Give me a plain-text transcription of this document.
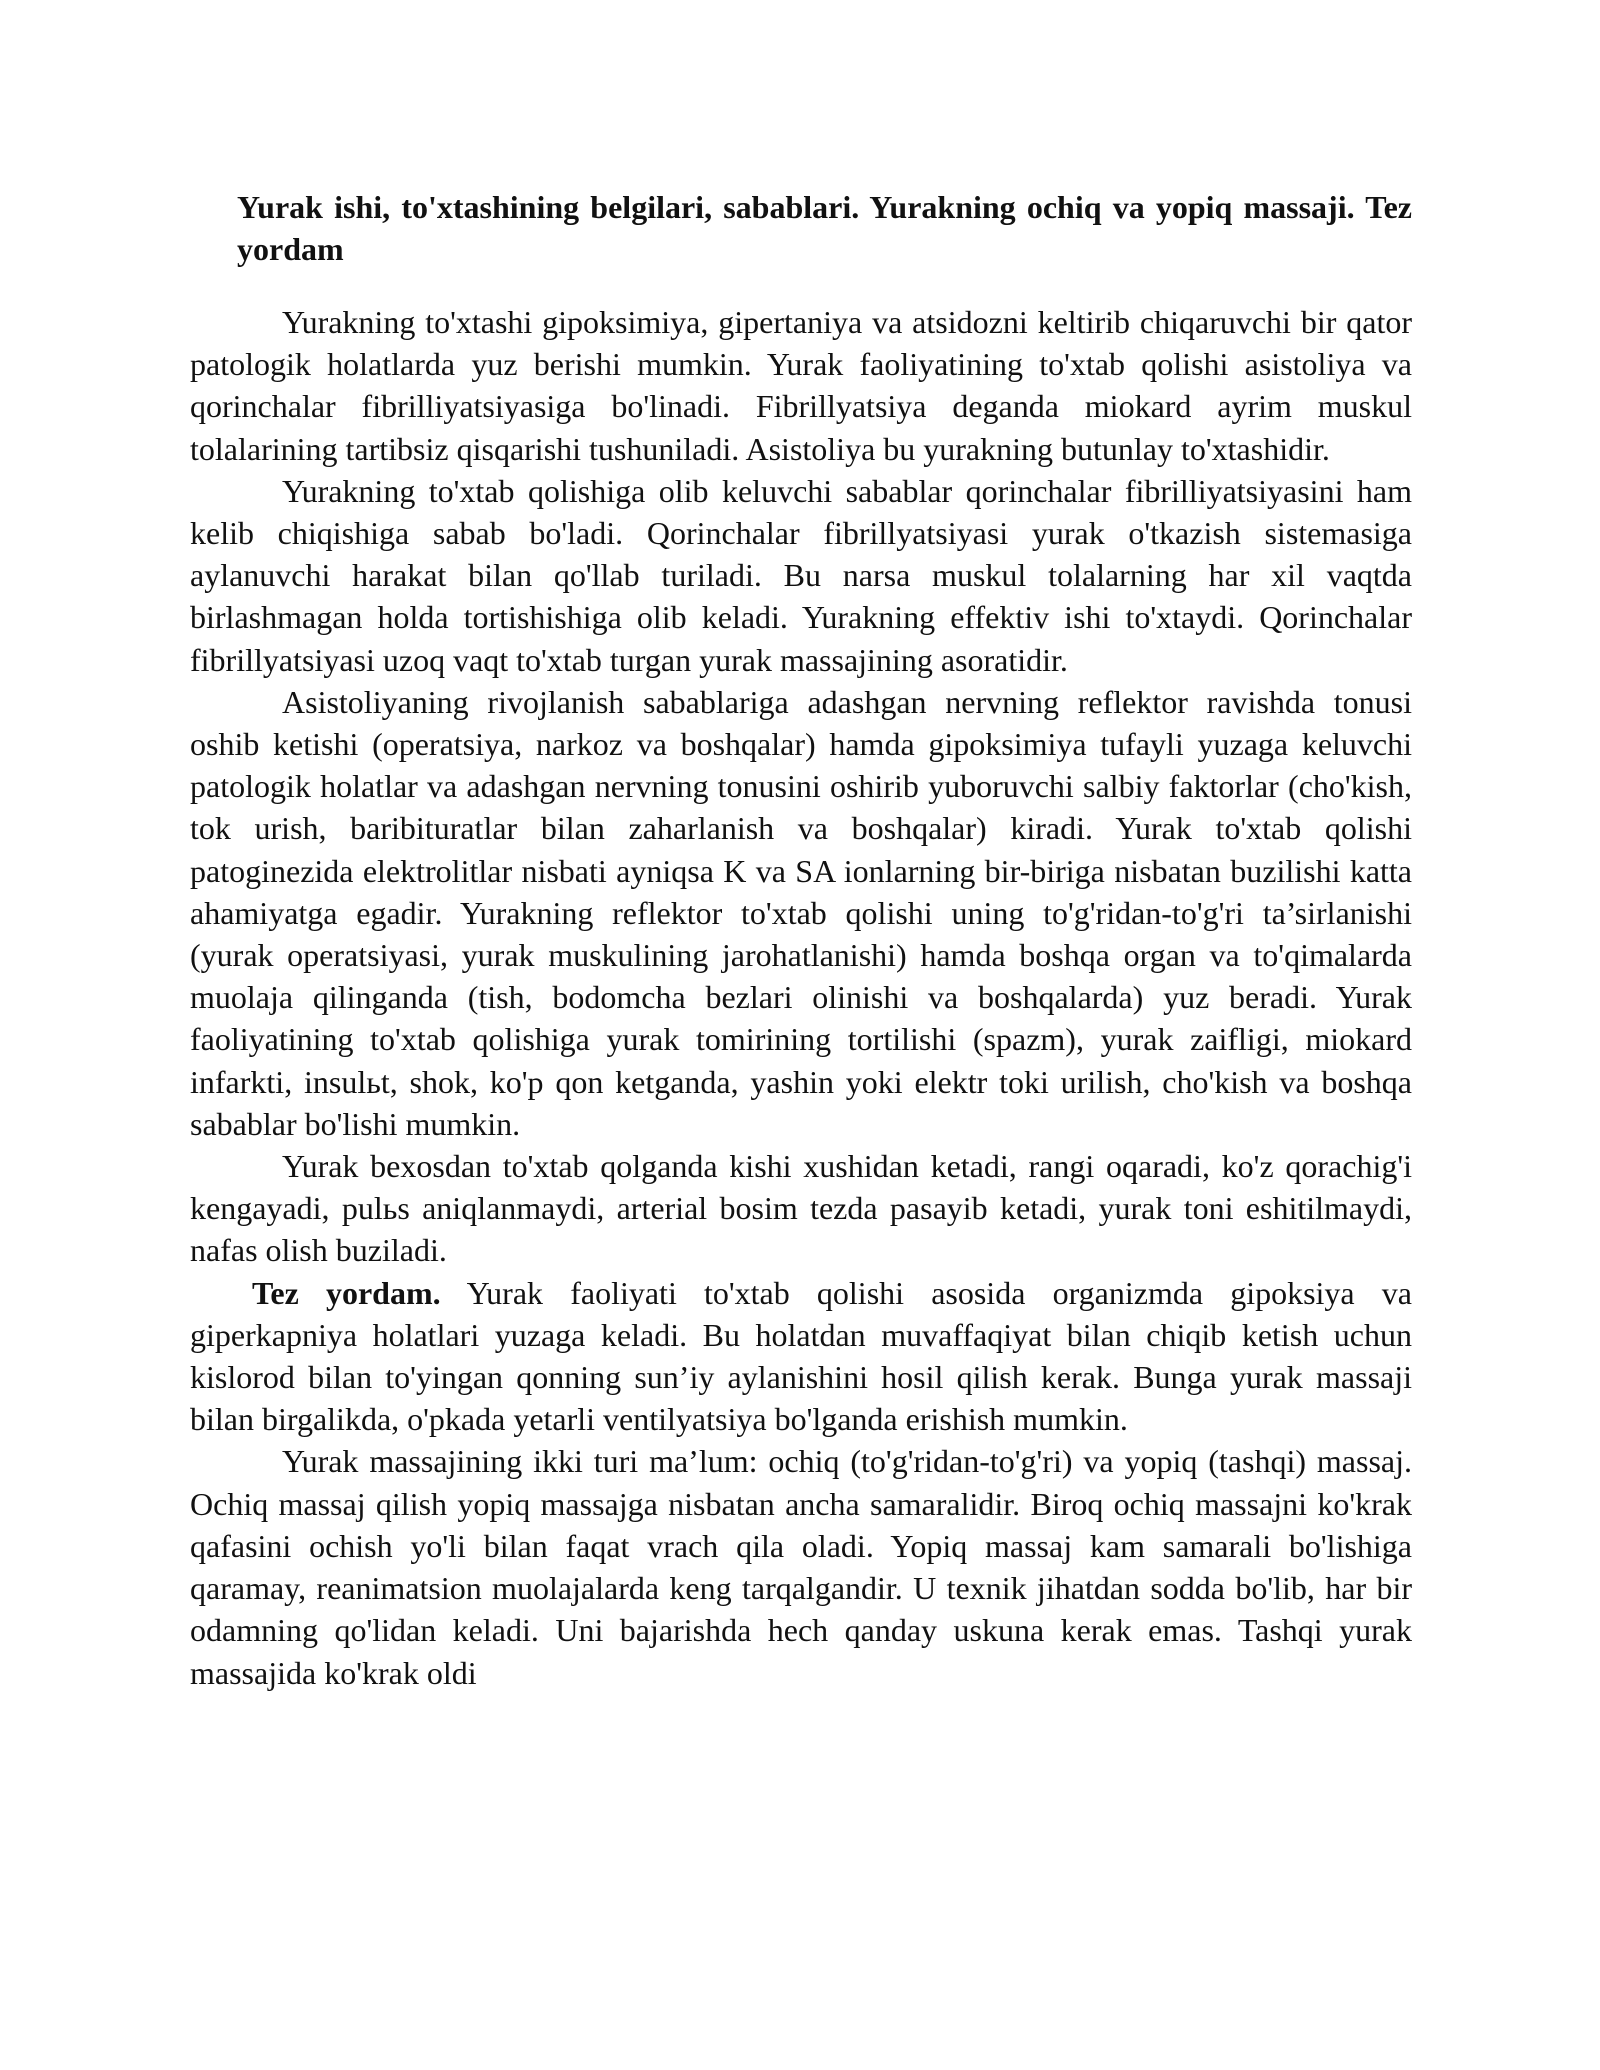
Yurak ishi, to'xtashining belgilari, sabablari. Yurakning ochiq va yopiq massaji. Tez yordam

Yurakning to'xtashi gipoksimiya, gipertaniya va atsidozni keltirib chiqaruvchi bir qator patologik holatlarda yuz berishi mumkin. Yurak faoliyatining to'xtab qolishi asistoliya va qorinchalar fibrilliyatsiyasiga bo'linadi. Fibrillyatsiya deganda miokard ayrim muskul tolalarining tartibsiz qisqarishi tushuniladi. Asistoliya bu yurakning butunlay to'xtashidir.

Yurakning to'xtab qolishiga olib keluvchi sabablar qorinchalar fibrilliyatsiyasini ham kelib chiqishiga sabab bo'ladi. Qorinchalar fibrillyatsiyasi yurak o'tkazish sistemasiga aylanuvchi harakat bilan qo'llab turiladi. Bu narsa muskul tolalarning har xil vaqtda birlashmagan holda tortishishiga olib keladi. Yurakning effektiv ishi to'xtaydi. Qorinchalar fibrillyatsiyasi uzoq vaqt to'xtab turgan yurak massajining asoratidir.

Asistoliyaning rivojlanish sabablariga adashgan nervning reflektor ravishda tonusi oshib ketishi (operatsiya, narkoz va boshqalar) hamda gipoksimiya tufayli yuzaga keluvchi patologik holatlar va adashgan nervning tonusini oshirib yuboruvchi salbiy faktorlar (cho'kish, tok urish, baribituratlar bilan zaharlanish va boshqalar) kiradi. Yurak to'xtab qolishi patoginezida elektrolitlar nisbati ayniqsa K va SA ionlarning bir-biriga nisbatan buzilishi katta ahamiyatga egadir. Yurakning reflektor to'xtab qolishi uning to'g'ridan-to'g'ri ta’sirlanishi (yurak operatsiyasi, yurak muskulining jarohatlanishi) hamda boshqa organ va to'qimalarda muolaja qilinganda (tish, bodomcha bezlari olinishi va boshqalarda) yuz beradi. Yurak faoliyatining to'xtab qolishiga yurak tomirining tortilishi (spazm), yurak zaifligi, miokard infarkti, insulьt, shok, ko'p qon ketganda, yashin yoki elektr toki urilish, cho'kish va boshqa sabablar bo'lishi mumkin.

Yurak bexosdan to'xtab qolganda kishi xushidan ketadi, rangi oqaradi, ko'z qorachig'i kengayadi, pulьs aniqlanmaydi, arterial bosim tezda pasayib ketadi, yurak toni eshitilmaydi, nafas olish buziladi.

Tez yordam. Yurak faoliyati to'xtab qolishi asosida organizmda gipoksiya va giperkapniya holatlari yuzaga keladi. Bu holatdan muvaffaqiyat bilan chiqib ketish uchun kislorod bilan to'yingan qonning sun’iy aylanishini hosil qilish kerak. Bunga yurak massaji bilan birgalikda, o'pkada yetarli ventilyatsiya bo'lganda erishish mumkin.

Yurak massajining ikki turi ma’lum: ochiq (to'g'ridan-to'g'ri) va yopiq (tashqi) massaj. Ochiq massaj qilish yopiq massajga nisbatan ancha samaralidir. Biroq ochiq massajni ko'krak qafasini ochish yo'li bilan faqat vrach qila oladi. Yopiq massaj kam samarali bo'lishiga qaramay, reanimatsion muolajalarda keng tarqalgandir. U texnik jihatdan sodda bo'lib, har bir odamning qo'lidan keladi. Uni bajarishda hech qanday uskuna kerak emas. Tashqi yurak massajida ko'krak oldi
